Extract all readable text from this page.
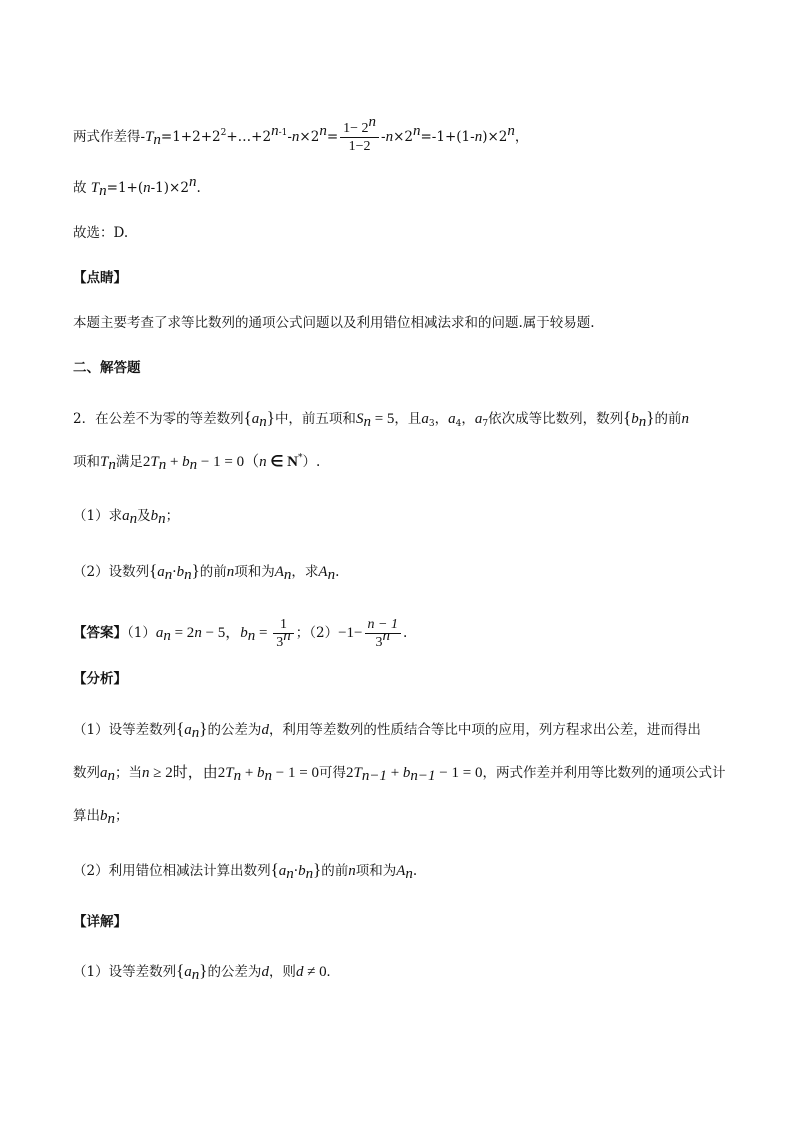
两式作差得$-T_n=1+2+2^2+\dots+2^{n-1}-n\times 2^n= \frac{1- 2^n}{1-2} -n\times 2^n=-1+(1-n)\times 2^n$，
故 $T_n=1+(n-1)\times 2^n$.
故选：D.
【点睛】
本题主要考查了求等比数列的通项公式问题以及利用错位相减法求和的问题.属于较易题.
二、解答题
2．在公差不为零的等差数列$\{a_n\}$中，前五项和$S_n = 5$，且$a_3$，$a_4$，$a_7$依次成等比数列，数列$\{b_n\}$的前n
项和$T_n$满足$2T_n + b_n - 1 = 0(n$ ∈ N*）.
（1）求$a_n$及$b_n$；
（2）设数列$\{a_n\cdot b_n\}$的前n项和为$A_n$，求$A_n$.
【答案】$(1)a_n = 2n - 5$，$b_n = \frac{1}{3^n}$ ；$(2)-1- \frac{n - 1}{3^n}$ .
【分析】
（1）设等差数列$\{a_n\}$的公差为d，利用等差数列的性质结合等比中项的应用，列方程求出公差，进而得出
数列$a_n$；当n ≥ 2时，由$2T_n + b_n - 1 = 0$可得$2T_{n-1} + b_{n-1} - 1 = 0$，两式作差并利用等比数列的通项公式计
算出$b_n$；
（2）利用错位相减法计算出数列$\{a_n\cdot b_n\}$的前n项和为$A_n$.
【详解】
（1）设等差数列$\{a_n\}$的公差为d，则d ≠ 0.
